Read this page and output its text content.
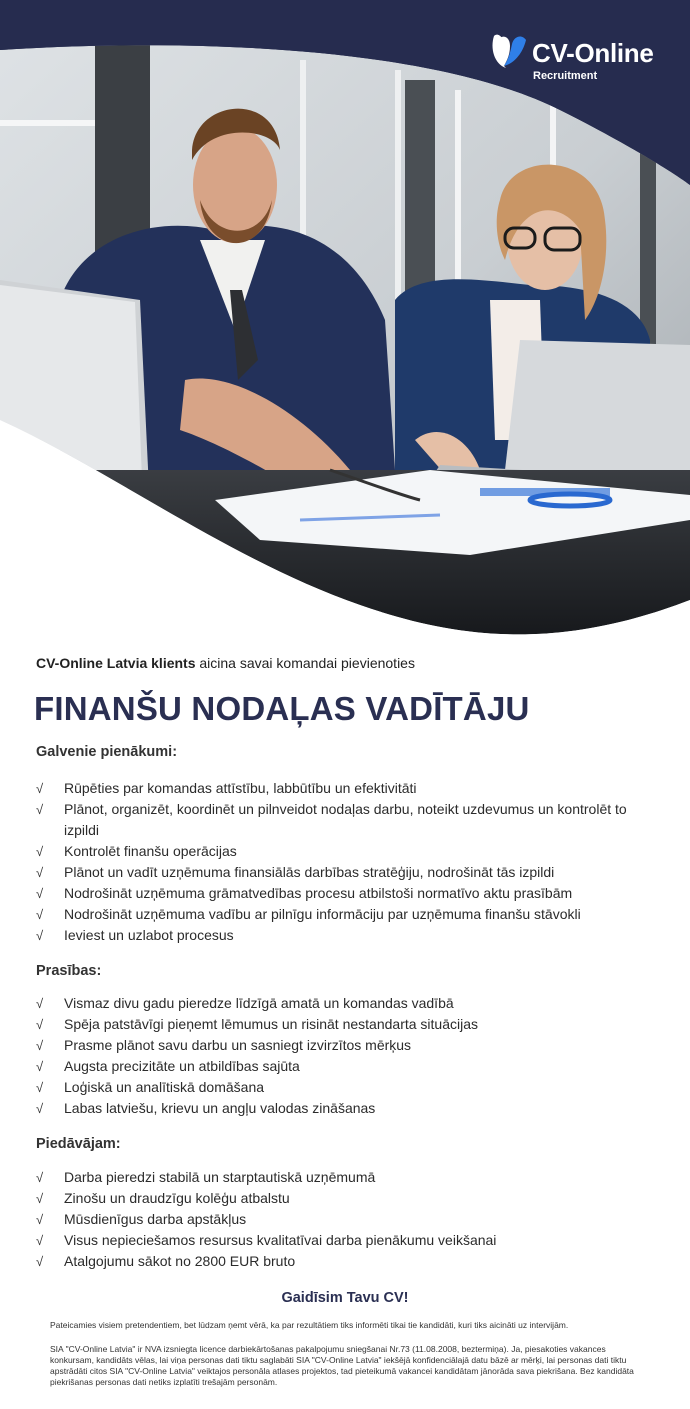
CV-Online
Recruitment
CV-Online Latvia klients aicina savai komandai pievienoties
FINANŠU NODAĻAS VADĪTĀJU
Galvenie pienākumi:
√ Rūpēties par komandas attīstību, labbūtību un efektivitāti
√ Plānot, organizēt, koordinēt un pilnveidot nodaļas darbu, noteikt uzdevumus un kontrolēt to izpildi
√ Kontrolēt finanšu operācijas
√ Plānot un vadīt uzņēmuma finansiālās darbības stratēģiju, nodrošināt tās izpildi
√ Nodrošināt uzņēmuma grāmatvedības procesu atbilstoši normatīvo aktu prasībām
√ Nodrošināt uzņēmuma vadību ar pilnīgu informāciju par uzņēmuma finanšu stāvokli
√ Ieviest un uzlabot procesus
Prasības:
√ Vismaz divu gadu pieredze līdzīgā amatā un komandas vadībā
√ Spēja patstāvīgi pieņemt lēmumus un risināt nestandarta situācijas
√ Prasme plānot savu darbu un sasniegt izvirzītos mērķus
√ Augsta precizitāte un atbildības sajūta
√ Loģiskā un analītiskā domāšana
√ Labas latviešu, krievu un angļu valodas zināšanas
Piedāvājam:
√ Darba pieredzi stabilā un starptautiskā uzņēmumā
√ Zinošu un draudzīgu kolēģu atbalstu
√ Mūsdienīgus darba apstākļus
√ Visus nepieciešamos resursus kvalitatīvai darba pienākumu veikšanai
√ Atalgojumu sākot no 2800 EUR bruto
Gaidīsim Tavu CV!
Pateicamies visiem pretendentiem, bet lūdzam ņemt vērā, ka par rezultātiem tiks informēti tikai tie kandidāti, kuri tiks aicināti uz intervijām.
SIA "CV-Online Latvia" ir NVA izsniegta licence darbiekārtošanas pakalpojumu sniegšanai Nr.73 (11.08.2008, beztermiņa). Ja, piesakoties vakances konkursam, kandidāts vēlas, lai viņa personas dati tiktu saglabāti SIA "CV-Online Latvia" iekšējā konfidenciālajā datu bāzē ar mērķi, lai personas dati tiktu apstrādāti citos SIA "CV-Online Latvia" veiktajos personāla atlases projektos, tad pieteikumā vakancei kandidātam jānorāda sava piekrišana. Bez kandidāta piekrišanas personas dati netiks izplatīti trešajām personām.
